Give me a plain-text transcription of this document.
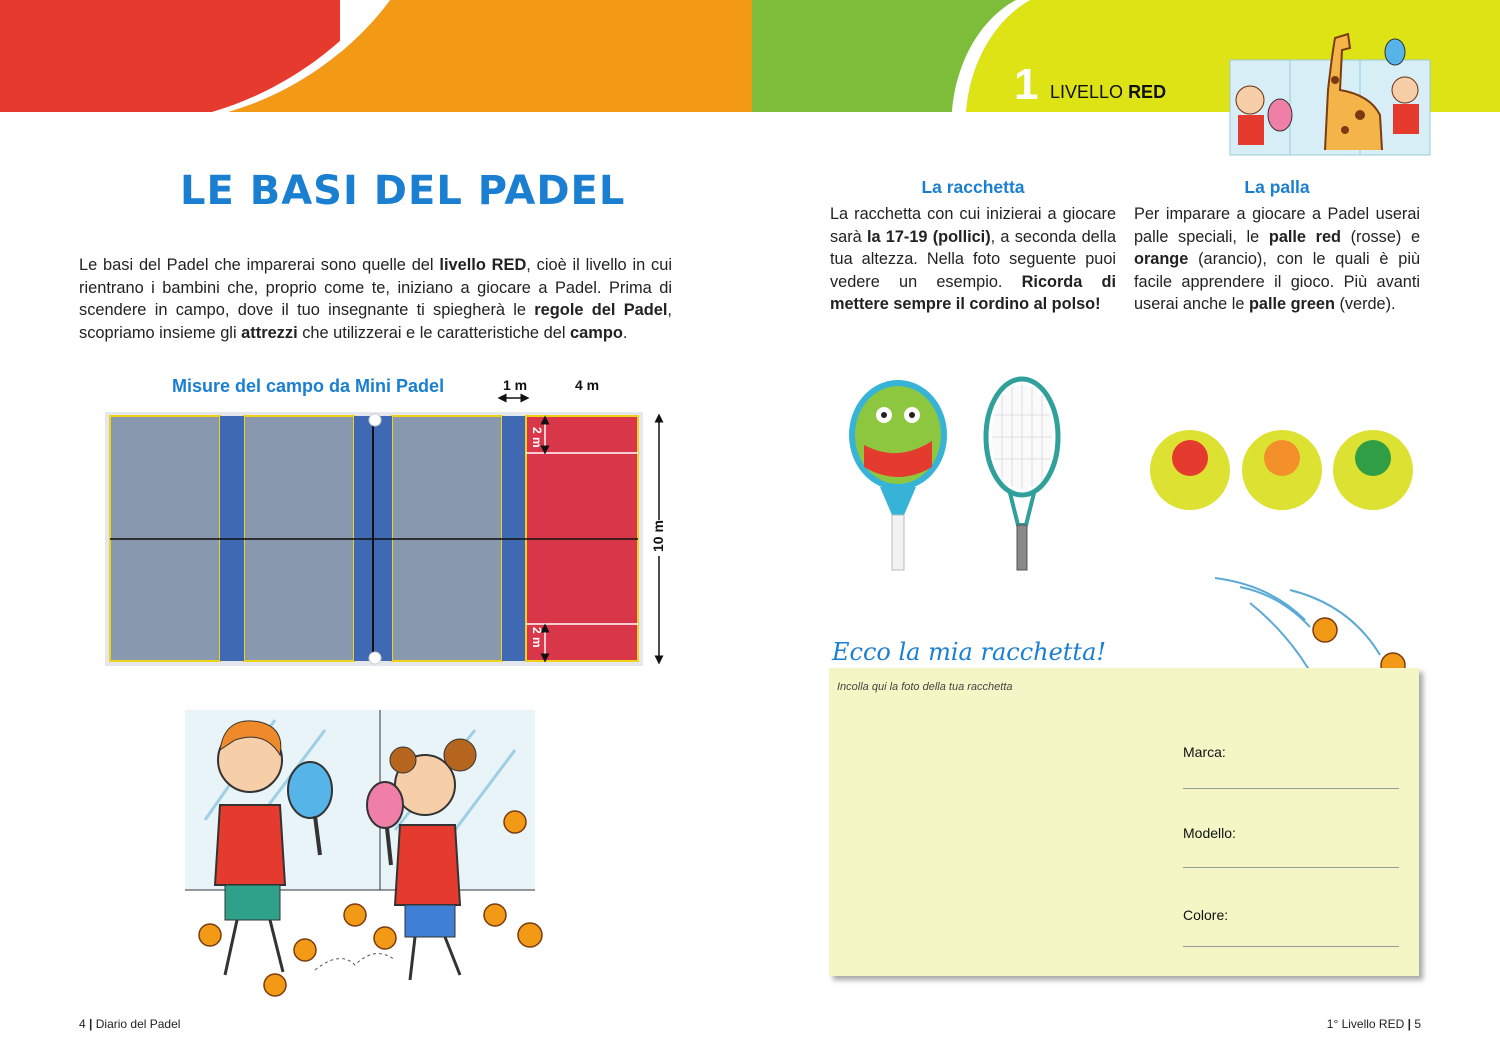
1 LIVELLO RED
LE BASI DEL PADEL

Le basi del Padel che imparerai sono quelle del livello RED, cioè il livello in cui rientrano i bambini che, proprio come te, iniziano a giocare a Padel. Prima di scendere in campo, dove il tuo insegnante ti spiegherà le regole del Padel, scopriamo insieme gli attrezzi che utilizzerai e le caratteristiche del campo.

Misure del campo da Mini Padel	1 m	4 m
2 m
2 m
10 m
La racchetta

La racchetta con cui inizierai a giocare sarà la 17-19 (pollici), a seconda della tua altezza. Nella foto seguente puoi vedere un esempio. Ricorda di mettere sempre il cordino al polso!

La palla

Per imparare a giocare a Padel userai palle speciali, le palle red (rosse) e orange (arancio), con le quali è più facile apprendere il gioco. Più avanti userai anche le palle green (verde).

Ecco la mia racchetta!
Incolla qui la foto della tua racchetta
Marca:
Modello:
Colore:
4 | Diario del Padel	1° Livello RED | 5
